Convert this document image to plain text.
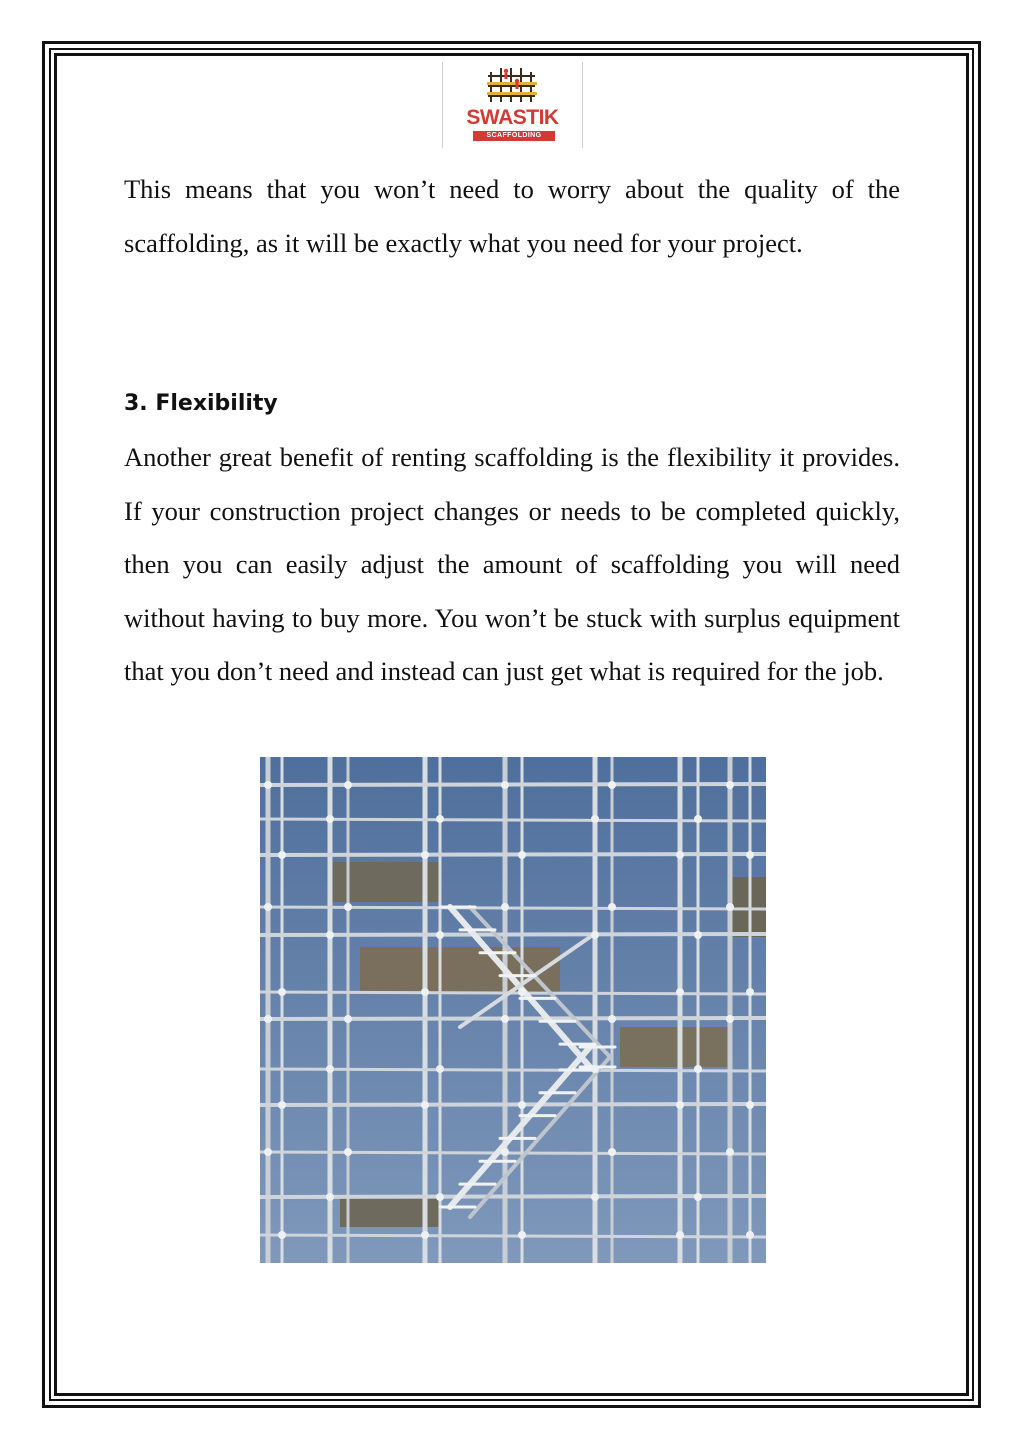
SWASTIK
SCAFFOLDING

This means that you won’t need to worry about the quality of the scaffolding, as it will be exactly what you need for your project.

3. Flexibility

Another great benefit of renting scaffolding is the flexibility it provides. If your construction project changes or needs to be completed quickly, then you can easily adjust the amount of scaffolding you will need without having to buy more. You won’t be stuck with surplus equipment that you don’t need and instead can just get what is required for the job.
